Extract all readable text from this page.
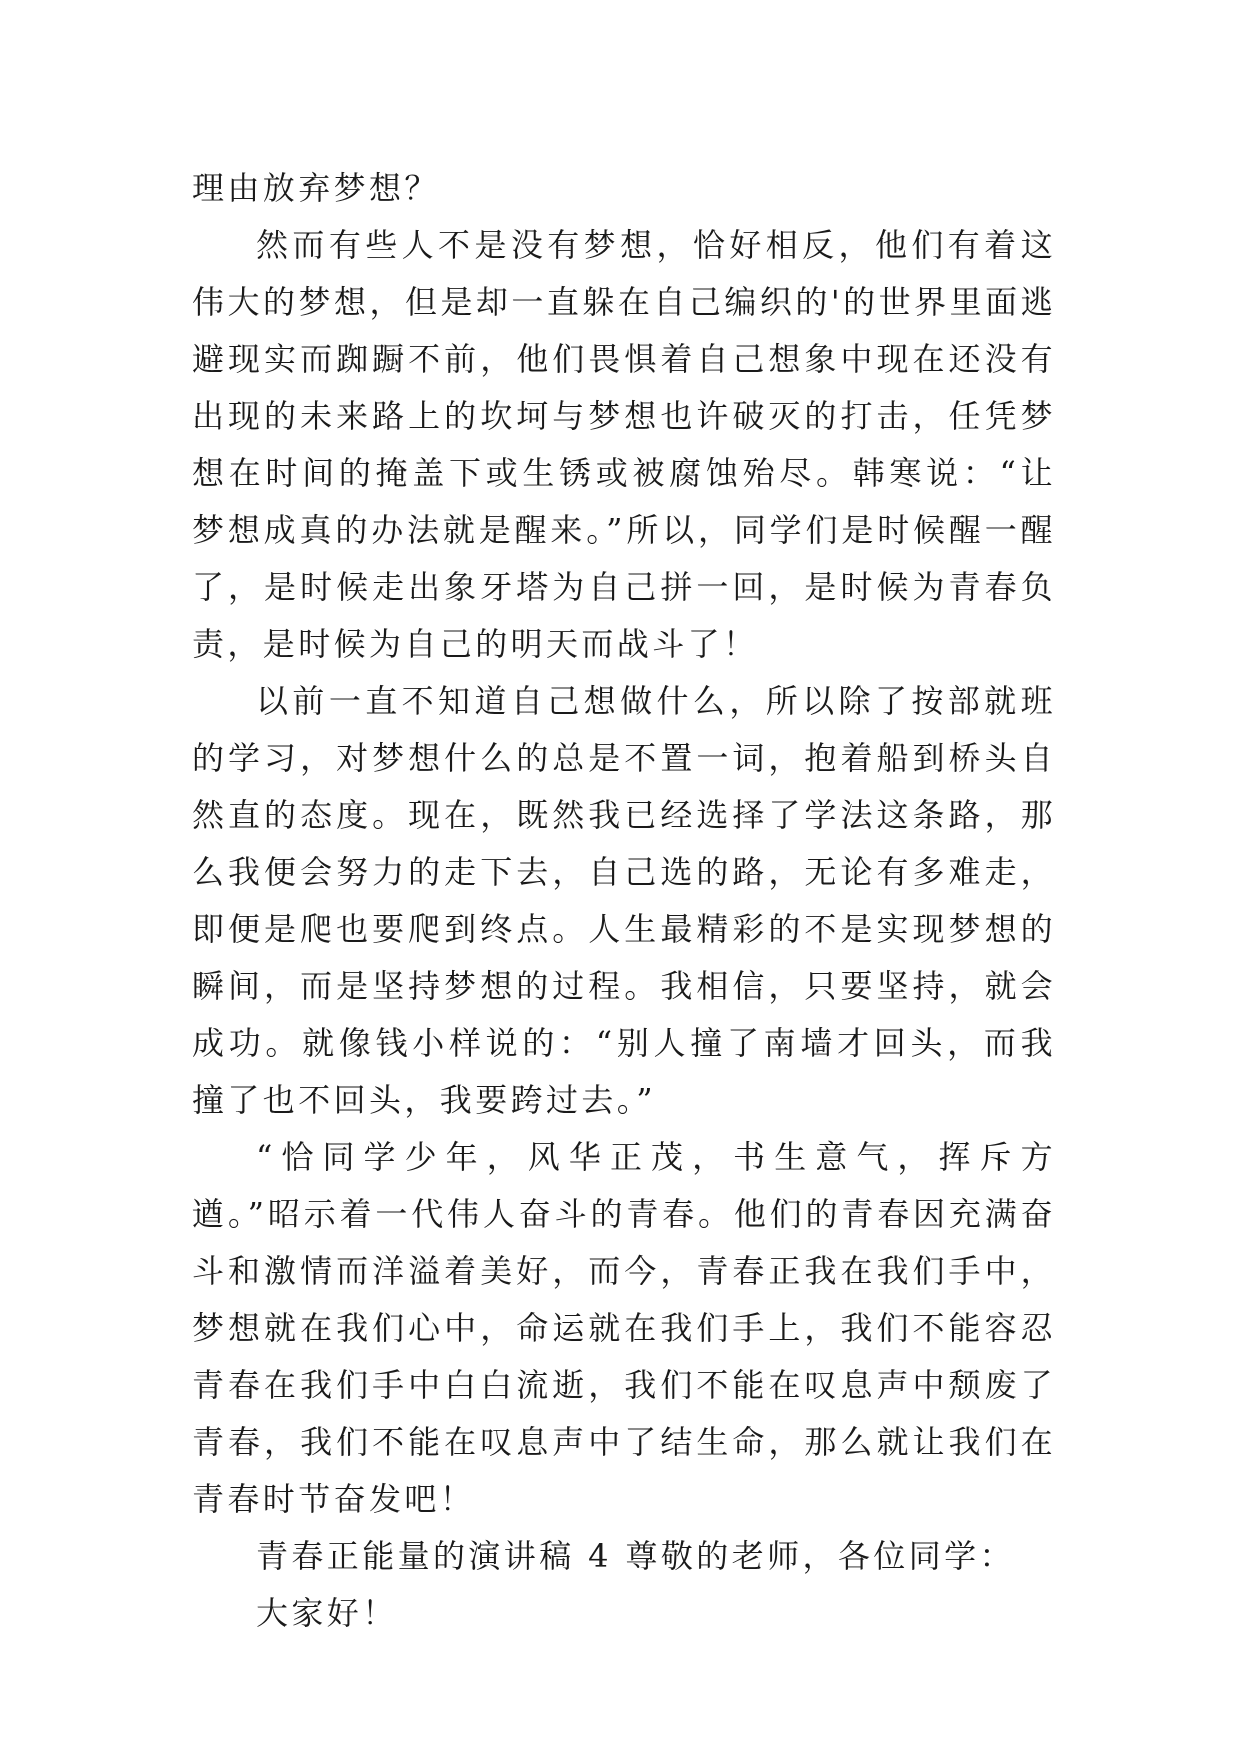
理由放弃梦想？

然而有些人不是没有梦想，恰好相反，他们有着这伟大的梦想，但是却一直躲在自己编织的'的世界里面逃避现实而踟蹰不前，他们畏惧着自己想象中现在还没有出现的未来路上的坎坷与梦想也许破灭的打击，任凭梦想在时间的掩盖下或生锈或被腐蚀殆尽。韩寒说：“让梦想成真的办法就是醒来。”所以，同学们是时候醒一醒了，是时候走出象牙塔为自己拼一回，是时候为青春负责，是时候为自己的明天而战斗了！

以前一直不知道自己想做什么，所以除了按部就班的学习，对梦想什么的总是不置一词，抱着船到桥头自然直的态度。现在，既然我已经选择了学法这条路，那么我便会努力的走下去，自己选的路，无论有多难走，即便是爬也要爬到终点。人生最精彩的不是实现梦想的瞬间，而是坚持梦想的过程。我相信，只要坚持，就会成功。就像钱小样说的：“别人撞了南墙才回头，而我撞了也不回头，我要跨过去。”

“恰同学少年，风华正茂，书生意气，挥斥方遒。”昭示着一代伟人奋斗的青春。他们的青春因充满奋斗和激情而洋溢着美好，而今，青春正我在我们手中，梦想就在我们心中，命运就在我们手上，我们不能容忍青春在我们手中白白流逝，我们不能在叹息声中颓废了青春，我们不能在叹息声中了结生命，那么就让我们在青春时节奋发吧！

青春正能量的演讲稿 4 尊敬的老师，各位同学：

大家好！
